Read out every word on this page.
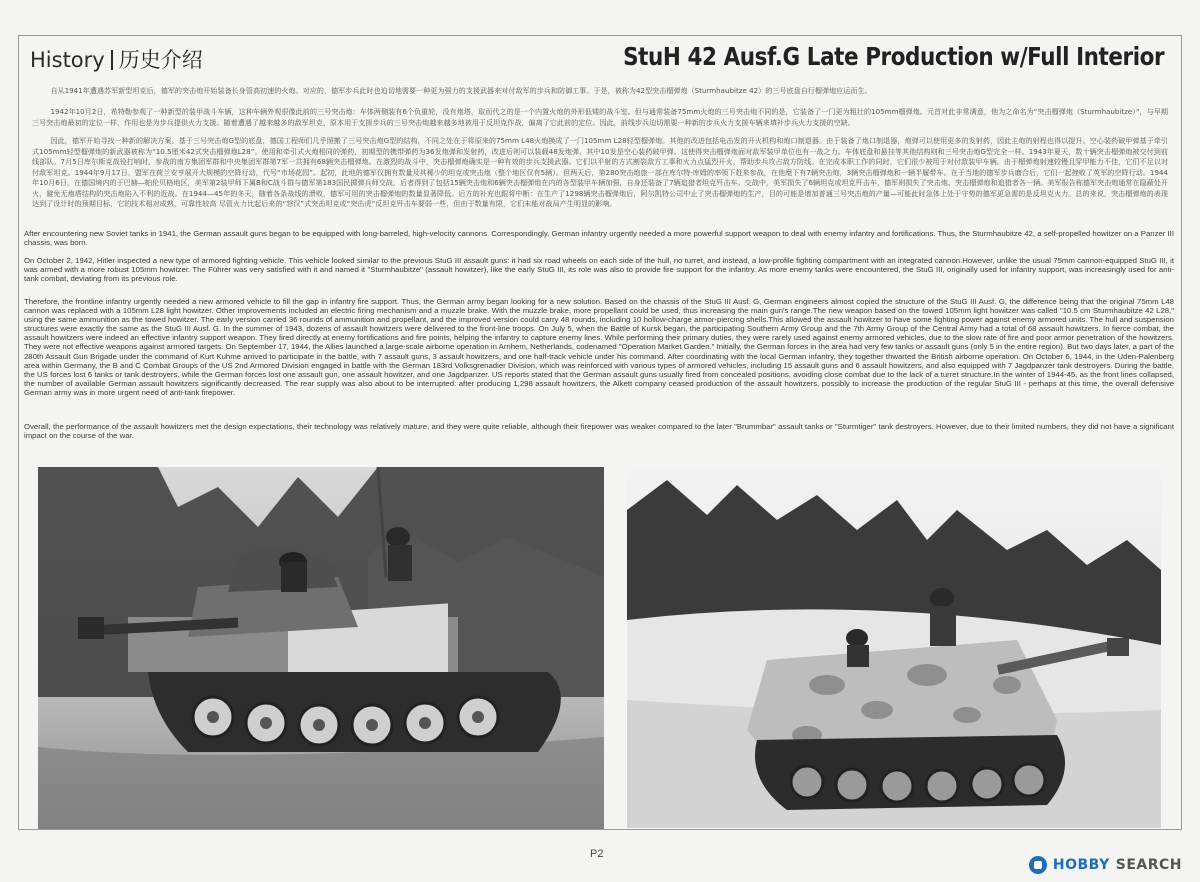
History 历史介绍	StuH 42 Ausf.G Late Production w/Full Interior

自从1941年遭遇苏军新型坦克后，德军的突击炮开始装备长身管高初速的火炮。对应的，德军步兵此时也迫切地需要一种更为强力的支援武器来对付敌军的步兵和防御工事。于是，被称为42型突击榴弹炮（Sturmhaubitze 42）的三号底盘自行榴弹炮应运而生。

1942年10月2日，希特勒参观了一种新型的装甲战斗车辆，这种车辆外观很像此前的三号突击炮：车体两侧装有6个负重轮，没有炮塔，取而代之的是一个内置火炮的外形低矮的战斗室。但与通常装备75mm火炮的三号突击炮不同的是，它装备了一门更为粗壮的105mm榴弹炮。元首对此非常满意，他为之命名为“突击榴弹炮（Sturmhaubitze）”，与早期三号突击炮最初的定位一样，作用也是为步兵提供火力支援。随着遭遇了越来越多的敌军坦克，原本用于支援步兵的三号突击炮越来越多地被用于反坦克作战，偏离了它此前的定位。因此，前线步兵迫切需要一种新的步兵火力支援车辆来填补步兵火力支援的空缺。

因此，德军开始寻找一种新的解决方案。基于三号突击炮G型的底盘，德国工程师们几乎照搬了三号突击炮G型的结构，不同之处在于将原来的75mm L48火炮换成了一门105mm L28轻型榴弹炮。其他的改进包括电击发的开火机构和炮口制退器。由于装备了炮口制退器，炮弹可以使用更多的发射药，因此主炮的射程也得以提升。空心装药破甲弹基于牵引式105mm轻型榴弹炮的新武器被称为“10.5厘米42式突击榴弹炮L28”。使用和牵引式火炮相同的弹药，初期型的携带弹药为36发炮弹和发射药，改进后则可以装载48发炮弹，其中10发是空心装药破甲弹。这使得突击榴弹炮面对敌军装甲单位也有一战之力。车体底盘和悬挂等其他结构则和三号突击炮G型完全一样。1943年夏天，数十辆突击榴弹炮被交付到前线部队。7月5日库尔斯克战役打响时，参战的南方集团军群和中央集团军群第7军一共拥有68辆突击榴弹炮。在激烈的战斗中，突击榴弹炮确实是一种有效的步兵支援武器。它们以平射的方式割裂敌方工事和火力点猛烈开火，帮助步兵攻占敌方防线。在完成本职工作的同时，它们很少被用于对付敌装甲车辆。由于榴弹炮射速较慢且穿甲能力不佳，它们不足以对付敌军坦克。1944年9月17日，盟军在荷兰安亨展开大规模的空降行动，代号“市场花园”。起初，此地的德军仅拥有数量及其稀少的坦克或突击炮（整个地区仅有5辆）。但两天后，第280突击炮旅一部在库尔特·库姆的率领下赶来参战，在他麾下有7辆突击炮，3辆突击榴弹炮和一辆半履带车。在于当地的德军步兵磨合后，它们一起挫败了英军的空降行动。1944年10月6日，在德国境内的于巴赫—帕伦贝格地区，美军第2装甲师下属B和C战斗群与德军第183国民掷弹兵师交战，后者得到了包括15辆突击炮和6辆突击榴弹炮在内的各型装甲车辆加强，自身还装备了7辆追猎者坦克歼击车。交战中，美军损失了6辆坦克或坦克歼击车，德军则损失了突击炮、突击榴弹炮和追猎者各一辆。美军报告称德军突击炮通常在隐蔽处开火，避免无炮塔结构的突击炮陷入不利的近战。在1944—45年的冬天，随着各条战线的溃败，德军可用的突击榴弹炮的数量显著降低。后方的补充也跟将中断：在生产了1298辆突击榴弹炮后，阿尔凯特公司中止了突击榴弹炮的生产，目的可能是增加普通三号突击炮的产量—可能此时急体上处于守势的德军更急需的是反坦克火力。总的来说，突击榴弹炮的表现达到了设计时的预期目标，它的技术相对成熟，可靠性较高 尽管火力比起后来的“怒汉”式突击坦克或“突击虎”反坦克歼击车要弱一些，但由于数量有限，它们未能对战局产生明显的影响。

After encountering new Soviet tanks in 1941, the German assault guns began to be equipped with long-barreled, high-velocity cannons. Correspondingly, German infantry urgently needed a more powerful support weapon to deal with enemy infantry and fortifications. Thus, the Sturmhaubitze 42, a self-propelled howitzer on a Panzer III chassis, was born.

On October 2, 1942, Hitler inspected a new type of armored fighting vehicle. This vehicle looked similar to the previous StuG III assault guns: it had six road wheels on each side of the hull, no turret, and instead, a low-profile fighting compartment with an integrated cannon.However, unlike the usual 75mm cannon-equipped StuG III, it was armed with a more robust 105mm howitzer. The Führer was very satisfied with it and named it "Sturmhaubitze" (assault howitzer), like the early StuG III, its role was also to provide fire support for the infantry. As more enemy tanks were encountered, the StuG III, originally used for infantry support, was increasingly used for anti-tank combat, deviating from its previous role.

Therefore, the frontline infantry urgently needed a new armored vehicle to fill the gap in infantry fire support. Thus, the German army began looking for a new solution. Based on the chassis of the StuG III Ausf. G, German engineers almost copied the structure of the StuG III Ausf. G, the difference being that the original 75mm L48 cannon was replaced with a 105mm L28 light howitzer. Other improvements included an electric firing mechanism and a muzzle brake. With the muzzle brake, more propellant could be used, thus increasing the main gun's range.The new weapon based on the towed 105mm light howitzer was called "10.5 cm Sturmhaubitze 42 L28," using the same ammunition as the towed howitzer. The early version carried 36 rounds of ammunition and propellant, and the improved version could carry 48 rounds, including 10 hollow-charge armor-piercing shells.This allowed the assault howitzer to have some fighting power against enemy armored units. The hull and suspension structures were exactly the same as the StuG III Ausf. G. In the summer of 1943, dozens of assault howitzers were delivered to the front-line troops. On July 5, when the Battle of Kursk began, the participating Southern Army Group and the 7th Army Group of the Central Army had a total of 68 assault howitzers. In fierce combat, the assault howitzers were indeed an effective infantry support weapon. They fired directly at enemy fortifications and fire points, helping the infantry to capture enemy lines. While performing their primary duties, they were rarely used against enemy armored vehicles, due to the slow rate of fire and poor armor penetration of the howitzers. They were not effective weapons against armored targets. On September 17, 1944, the Allies launched a large-scale airborne operation in Arnhem, Netherlands, codenamed "Operation Market Garden." Initially, the German forces in the area had very few tanks or assault guns (only 5 in the entire region). But two days later, a part of the 280th Assault Gun Brigade under the command of Kurt Kuhme arrived to participate in the battle, with 7 assault guns, 3 assault howitzers, and one half-track vehicle under his command. After coordinating with the local German infantry, they together thwarted the British airborne operation. On October 6, 1944, in the Uden-Palenberg area within Germany, the B and C Combat Groups of the US 2nd Armored Division engaged in battle with the German 183rd Volksgrenadier Division, which was reinforced with various types of armored vehicles, including 15 assault guns and 6 assault howitzers, and also equipped with 7 Jagdpanzer tank destroyers. During the battle, the US forces lost 6 tanks or tank destroyers, while the German forces lost one assault gun, one assault howitzer, and one Jagdpanzer. US reports stated that the German assault guns usually fired from concealed positions, avoiding close combat due to the lack of a turret structure.In the winter of 1944-45, as the front lines collapsed, the number of available German assault howitzers significantly decreased. The rear supply was also about to be interrupted: after producing 1,298 assault howitzers, the Alkett company ceased production of the assault howitzers, possibly to increase the production of the regular StuG III - perhaps at this time, the overall defensive German army was in more urgent need of anti-tank firepower.

Overall, the performance of the assault howitzers met the design expectations, their technology was relatively mature, and they were quite reliable, although their firepower was weaker compared to the later "Brummbar" assault tanks or "Sturmtiger" tank destroyers. However, due to their limited numbers, they did not have a significant impact on the course of the war.

P2
HOBBY SEARCH
